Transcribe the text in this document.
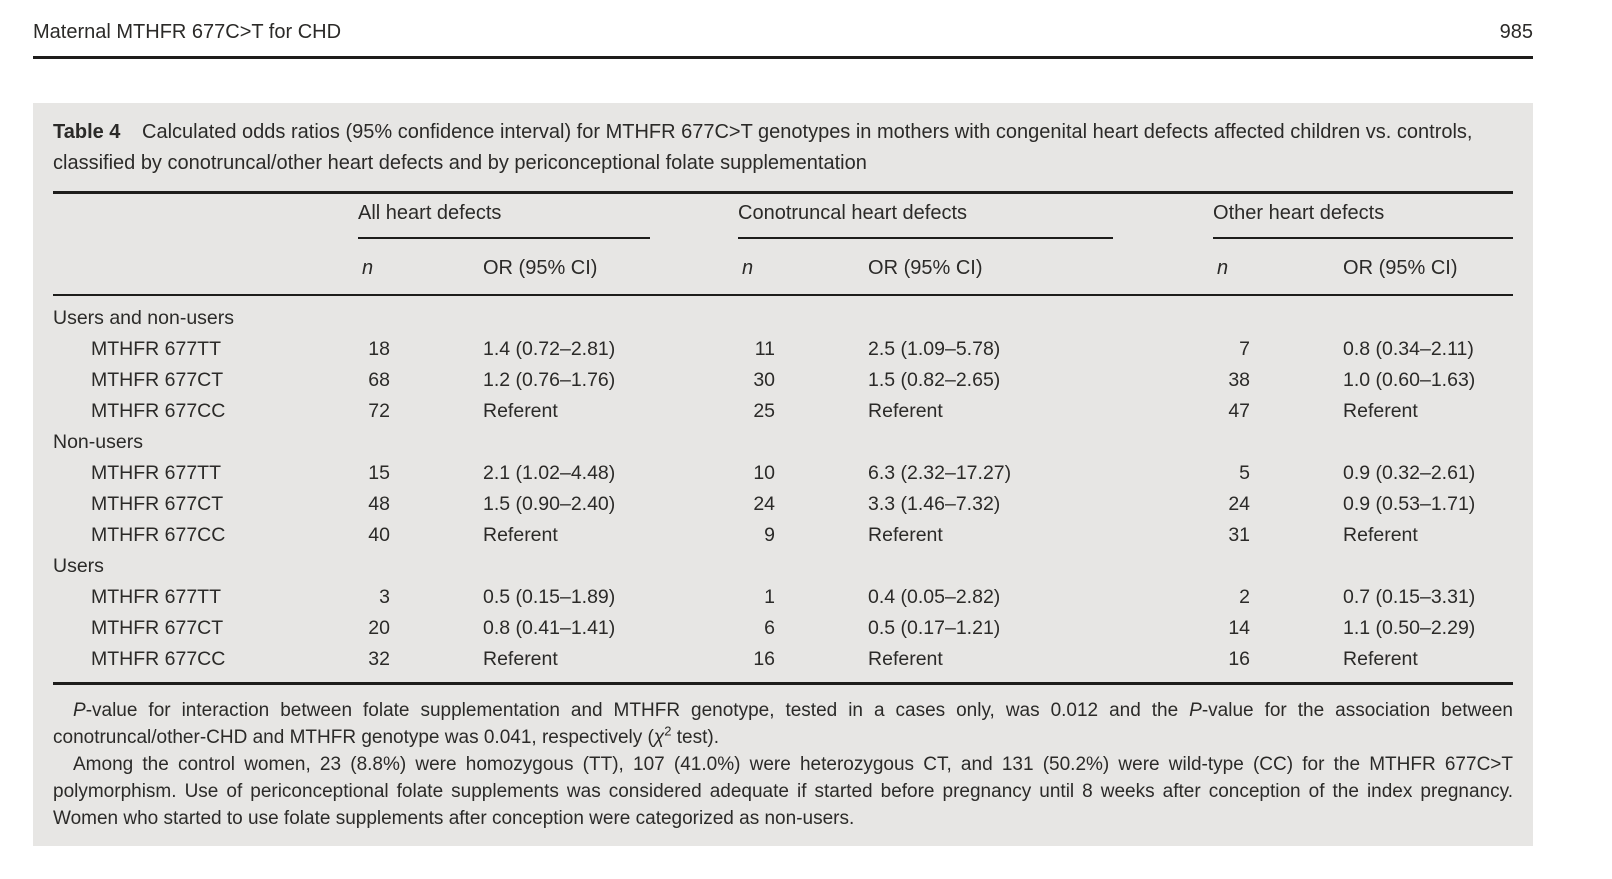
Maternal MTHFR 677C>T for CHD	985

Table 4 Calculated odds ratios (95% confidence interval) for MTHFR 677C>T genotypes in mothers with congenital heart defects affected children vs. controls, classified by conotruncal/other heart defects and by periconceptional folate supplementation

	All heart defects		Conotruncal heart defects		Other heart defects	

	n	OR (95% CI)	n	OR (95% CI)	n	OR (95% CI)
Users and non-users						
MTHFR 677TT	18	1.4 (0.72–2.81)	11	2.5 (1.09–5.78)	7	0.8 (0.34–2.11)
MTHFR 677CT	68	1.2 (0.76–1.76)	30	1.5 (0.82–2.65)	38	1.0 (0.60–1.63)
MTHFR 677CC	72	Referent	25	Referent	47	Referent
Non-users						
MTHFR 677TT	15	2.1 (1.02–4.48)	10	6.3 (2.32–17.27)	5	0.9 (0.32–2.61)
MTHFR 677CT	48	1.5 (0.90–2.40)	24	3.3 (1.46–7.32)	24	0.9 (0.53–1.71)
MTHFR 677CC	40	Referent	9	Referent	31	Referent
Users						
MTHFR 677TT	3	0.5 (0.15–1.89)	1	0.4 (0.05–2.82)	2	0.7 (0.15–3.31)
MTHFR 677CT	20	0.8 (0.41–1.41)	6	0.5 (0.17–1.21)	14	1.1 (0.50–2.29)
MTHFR 677CC	32	Referent	16	Referent	16	Referent

P-value for interaction between folate supplementation and MTHFR genotype, tested in a cases only, was 0.012 and the P-value for the association between conotruncal/other-CHD and MTHFR genotype was 0.041, respectively ($\chi^2$ test).

Among the control women, 23 (8.8%) were homozygous (TT), 107 (41.0%) were heterozygous CT, and 131 (50.2%) were wild-type (CC) for the MTHFR 677C>T polymorphism. Use of periconceptional folate supplements was considered adequate if started before pregnancy until 8 weeks after conception of the index pregnancy. Women who started to use folate supplements after conception were categorized as non-users.
